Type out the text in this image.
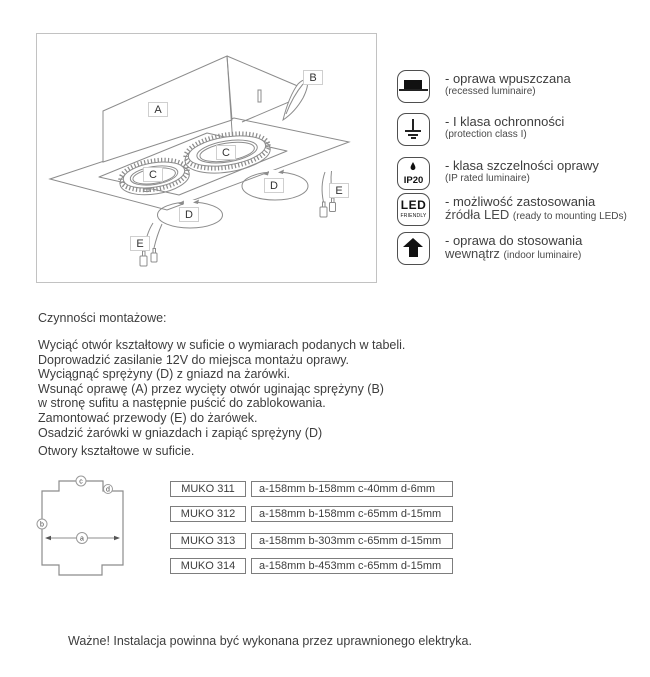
A
B
C
C
D
D
E
E
- oprawa wpuszczana
(recessed luminaire)
- I klasa ochronności
(protection class I)
IP20
- klasa szczelności oprawy
(IP rated luminaire)
LED
FRIENDLY
- możliwość zastosowania
źródła LED (ready to mounting LEDs)
- oprawa do stosowania
wewnątrz (indoor luminaire)
Czynności montażowe:
Wyciąć otwór kształtowy w suficie o wymiarach podanych w tabeli.
Doprowadzić zasilanie 12V do miejsca montażu oprawy.
Wyciągnąć sprężyny (D) z gniazd na żarówki.
Wsunąć oprawę (A) przez wycięty otwór uginając sprężyny (B)
w stronę sufitu a następnie puścić do zablokowania.
Zamontować przewody (E) do żarówek.
Osadzić żarówki w gniazdach i zapiąć sprężyny (D)
Otwory kształtowe w suficie.
c
d
b
a
MUKO 311	a-158mm b-158mm c-40mm d-6mm
MUKO 312	a-158mm b-158mm c-65mm d-15mm
MUKO 313	a-158mm b-303mm c-65mm d-15mm
MUKO 314	a-158mm b-453mm c-65mm d-15mm
Ważne! Instalacja powinna być wykonana przez uprawnionego elektryka.
